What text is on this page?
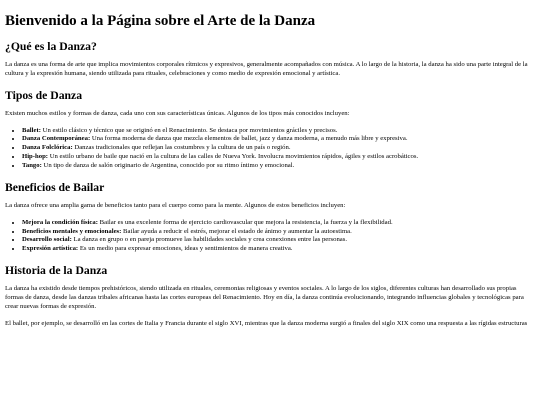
Bienvenido a la Página sobre el Arte de la Danza
¿Qué es la Danza?

La danza es una forma de arte que implica movimientos corporales rítmicos y expresivos, generalmente acompañados con música. A lo largo de la historia, la danza ha sido una parte integral de la cultura y la expresión humana, siendo utilizada para rituales, celebraciones y como medio de expresión emocional y artística.

Tipos de Danza

Existen muchos estilos y formas de danza, cada uno con sus características únicas. Algunos de los tipos más conocidos incluyen:

• Ballet: Un estilo clásico y técnico que se originó en el Renacimiento. Se destaca por movimientos gráciles y precisos.
• Danza Contemporánea: Una forma moderna de danza que mezcla elementos de ballet, jazz y danza moderna, a menudo más libre y expresiva.
• Danza Folclórica: Danzas tradicionales que reflejan las costumbres y la cultura de un país o región.
• Hip-hop: Un estilo urbano de baile que nació en la cultura de las calles de Nueva York. Involucra movimientos rápidos, ágiles y estilos acrobáticos.
• Tango: Un tipo de danza de salón originario de Argentina, conocido por su ritmo íntimo y emocional.
Beneficios de Bailar

La danza ofrece una amplia gama de beneficios tanto para el cuerpo como para la mente. Algunos de estos beneficios incluyen:

• Mejora la condición física: Bailar es una excelente forma de ejercicio cardiovascular que mejora la resistencia, la fuerza y la flexibilidad.
• Beneficios mentales y emocionales: Bailar ayuda a reducir el estrés, mejorar el estado de ánimo y aumentar la autoestima.
• Desarrollo social: La danza en grupo o en pareja promueve las habilidades sociales y crea conexiones entre las personas.
• Expresión artística: Es un medio para expresar emociones, ideas y sentimientos de manera creativa.
Historia de la Danza

La danza ha existido desde tiempos prehistóricos, siendo utilizada en rituales, ceremonias religiosas y eventos sociales. A lo largo de los siglos, diferentes culturas han desarrollado sus propias formas de danza, desde las danzas tribales africanas hasta las cortes europeas del Renacimiento. Hoy en día, la danza continúa evolucionando, integrando influencias globales y tecnológicas para crear nuevas formas de expresión.

El ballet, por ejemplo, se desarrolló en las cortes de Italia y Francia durante el siglo XVI, mientras que la danza moderna surgió a finales del siglo XIX como una respuesta a las rígidas estructuras
